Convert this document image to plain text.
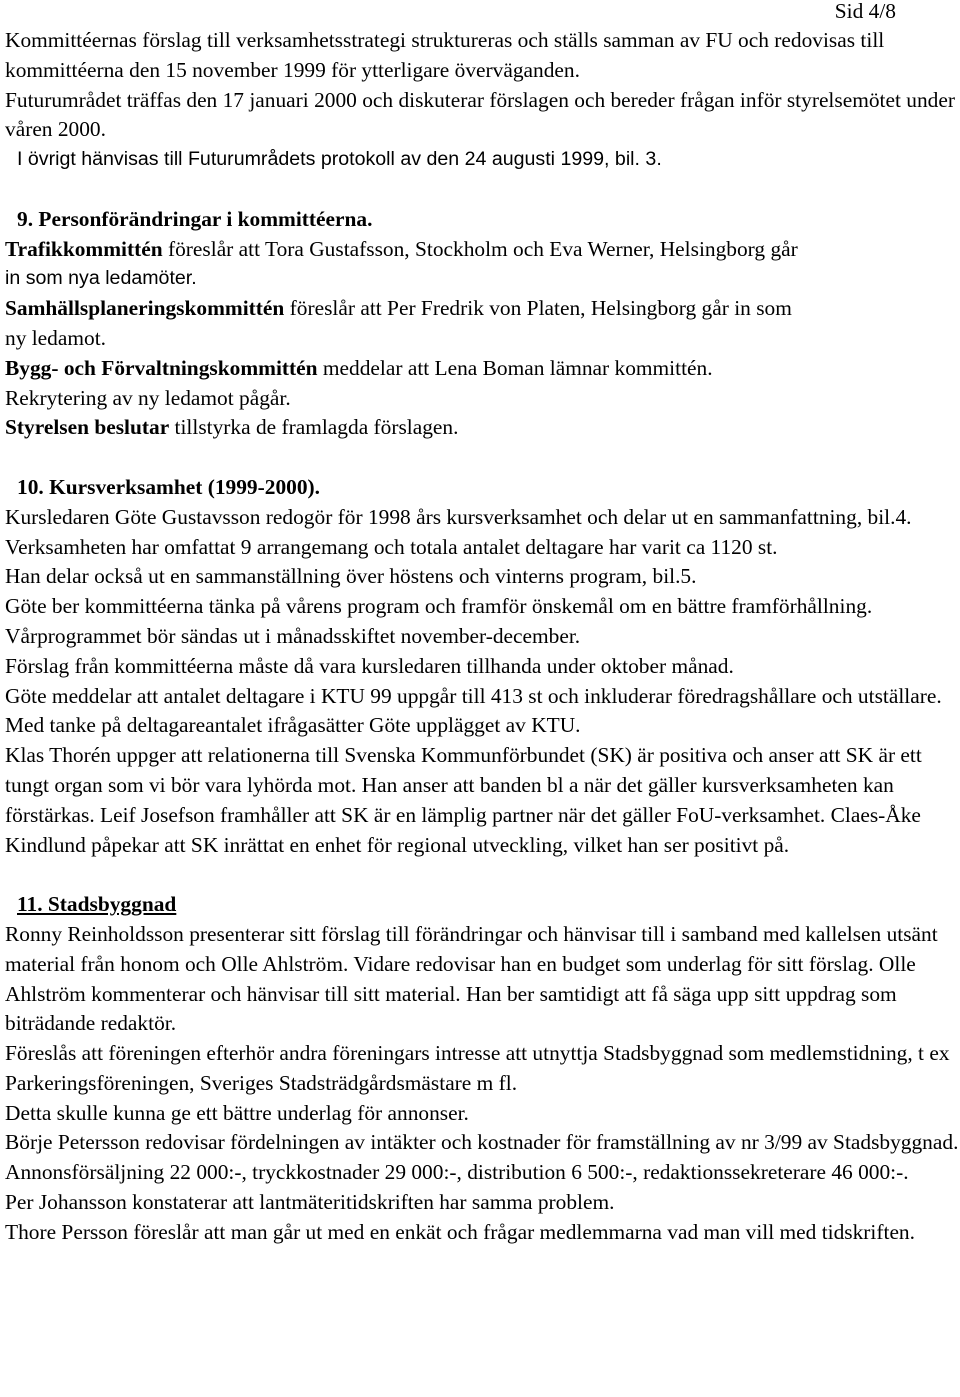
Sid 4/8

Kommittéernas förslag till verksamhetsstrategi struktureras och ställs samman av FU och redovisas till kommittéerna den 15 november 1999 för ytterligare överväganden.

Futurumrådet träffas den 17 januari 2000 och diskuterar förslagen och bereder frågan inför styrelsemötet under våren 2000.

I övrigt hänvisas till Futurumrådets protokoll av den 24 augusti 1999, bil. 3.

9. Personförändringar i kommittéerna.

Trafikkommittén föreslår att Tora Gustafsson, Stockholm och Eva Werner, Helsingborg går

in som nya ledamöter.

Samhällsplaneringskommittén föreslår att Per Fredrik von Platen, Helsingborg går in som

ny ledamot.

Bygg- och Förvaltningskommittén meddelar att Lena Boman lämnar kommittén.

Rekrytering av ny ledamot pågår.

Styrelsen beslutar tillstyrka de framlagda förslagen.

10. Kursverksamhet (1999-2000).

Kursledaren Göte Gustavsson redogör för 1998 års kursverksamhet och delar ut en sammanfattning, bil.4.

Verksamheten har omfattat 9 arrangemang och totala antalet deltagare har varit ca 1120 st.

Han delar också ut en sammanställning över höstens och vinterns program, bil.5.

Göte ber kommittéerna tänka på vårens program och framför önskemål om en bättre framförhållning. Vårprogrammet bör sändas ut i månadsskiftet november-december.

Förslag från kommittéerna måste då vara kursledaren tillhanda under oktober månad.

Göte meddelar att antalet deltagare i KTU 99 uppgår till 413 st och inkluderar föredragshållare och utställare. Med tanke på deltagareantalet ifrågasätter Göte upplägget av KTU.

Klas Thorén uppger att relationerna till Svenska Kommunförbundet (SK) är positiva och anser att SK är ett tungt organ som vi bör vara lyhörda mot. Han anser att banden bl a när det gäller kursverksamheten kan förstärkas. Leif Josefson framhåller att SK är en lämplig partner när det gäller FoU-verksamhet. Claes-Åke Kindlund påpekar att SK inrättat en enhet för regional utveckling, vilket han ser positivt på.

11. Stadsbyggnad

Ronny Reinholdsson presenterar sitt förslag till förändringar och hänvisar till i samband med kallelsen utsänt material från honom och Olle Ahlström. Vidare redovisar han en budget som underlag för sitt förslag. Olle Ahlström kommenterar och hänvisar till sitt material. Han ber samtidigt att få säga upp sitt uppdrag som biträdande redaktör.

Föreslås att föreningen efterhör andra föreningars intresse att utnyttja Stadsbyggnad som medlemstidning, t ex Parkeringsföreningen, Sveriges Stadsträdgårdsmästare m fl.

Detta skulle kunna ge ett bättre underlag för annonser.

Börje Petersson redovisar fördelningen av intäkter och kostnader för framställning av nr 3/99 av Stadsbyggnad. Annonsförsäljning 22 000:-, tryckkostnader 29 000:-, distribution 6 500:-, redaktionssekreterare 46 000:-.

Per Johansson konstaterar att lantmäteritidskriften har samma problem.

Thore Persson föreslår att man går ut med en enkät och frågar medlemmarna vad man vill med tidskriften.
